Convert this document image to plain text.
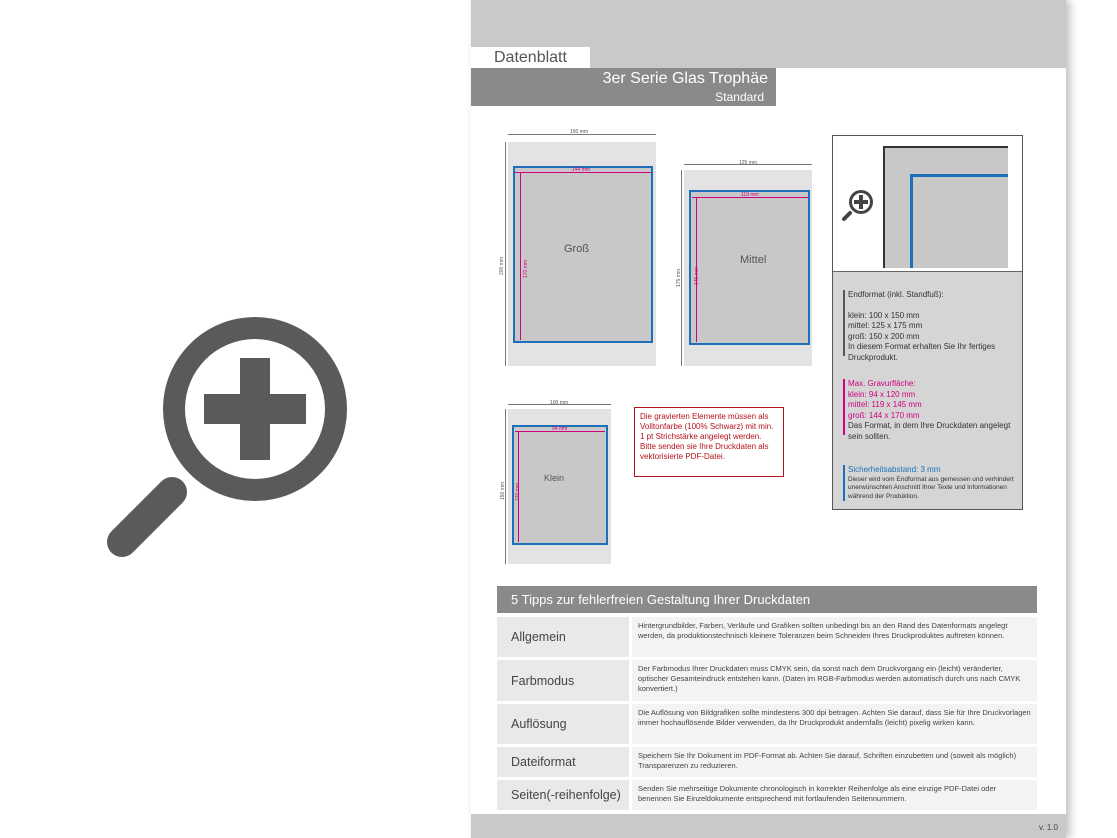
Datenblatt
3er Serie Glas Trophäe
Standard
150 mm
200 mm
144 mm
170 mm
Groß
125 mm
175 mm
119 mm
145 mm
Mittel
100 mm
150 mm
94 mm
120 mm
Klein
Die gravierten Elemente müssen als Volltonfarbe (100% Schwarz) mit min. 1 pt Strichstärke angelegt werden. Bitte senden sie Ihre Druckdaten als vektorisierte PDF-Datei.
Endformat (inkl. Standfuß):
klein: 100 x 150 mm
mittel: 125 x 175 mm
groß: 150 x 200 mm
In diesem Format erhalten Sie Ihr fertiges Druckprodukt.
Max. Gravurfläche:
klein: 94 x 120 mm
mittel: 119 x 145 mm
groß: 144 x 170 mm
Das Format, in dem Ihre Druckdaten angelegt sein sollten.
Sicherheitsabstand: 3 mm
Dieser wird vom Endformat aus gemessen und verhindert unerwünschten Anschnitt Ihrer Texte und Informationen während der Produktion.
5 Tipps zur fehlerfreien Gestaltung Ihrer Druckdaten
Allgemein
Hintergrundbilder, Farben, Verläufe und Grafiken sollten unbedingt bis an den Rand des Datenformats angelegt werden, da produktionstechnisch kleinere Toleranzen beim Schneiden Ihres Druckproduktes auftreten können.
Farbmodus
Der Farbmodus Ihrer Druckdaten muss CMYK sein, da sonst nach dem Druckvorgang ein (leicht) veränderter, optischer Gesamteindruck entstehen kann. (Daten im RGB-Farbmodus werden automatisch durch uns nach CMYK konvertiert.)
Auflösung
Die Auflösung von Bildgrafiken sollte mindestens 300 dpi betragen. Achten Sie darauf, dass Sie für Ihre Druckvorlagen immer hochauflösende Bilder verwenden, da Ihr Druckprodukt andernfalls (leicht) pixelig wirken kann.
Dateiformat	Speichern Sie Ihr Dokument im PDF-Format ab. Achten Sie darauf, Schriften einzubetten und (soweit als möglich) Transparenzen zu reduzieren.
Seiten(-reihenfolge)	Senden Sie mehrseitige Dokumente chronologisch in korrekter Reihenfolge als eine einzige PDF-Datei oder benennen Sie Einzeldokumente entsprechend mit fortlaufenden Seitennummern.
v. 1.0
